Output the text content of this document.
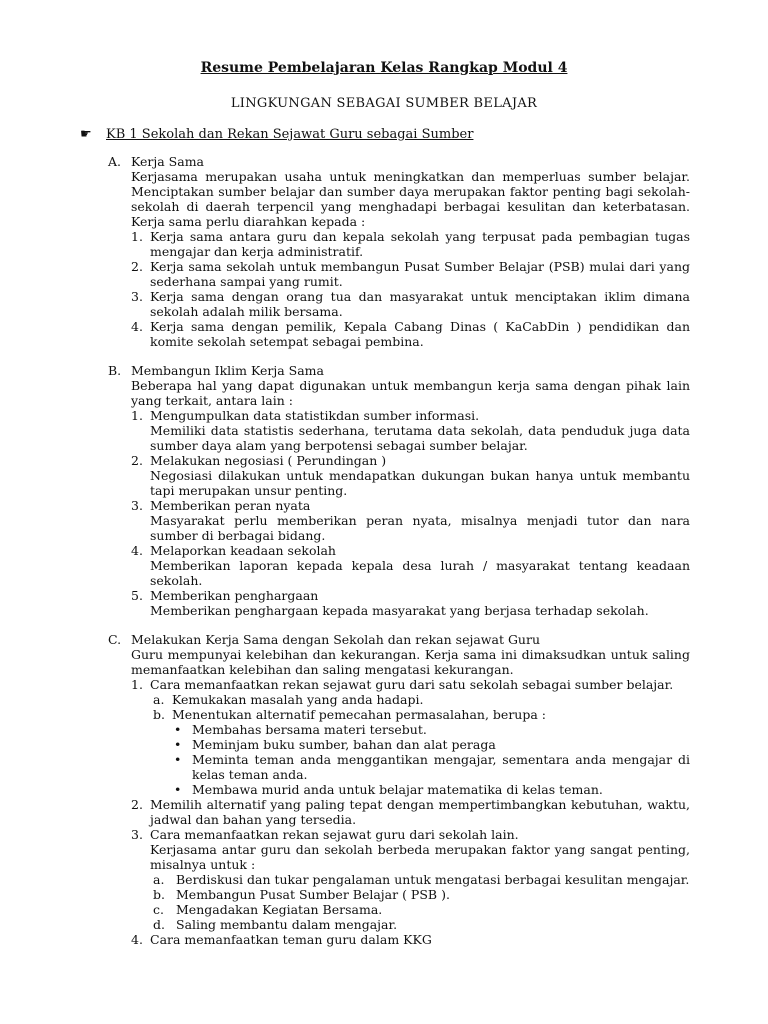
Resume Pembelajaran Kelas Rangkap Modul 4
LINGKUNGAN SEBAGAI SUMBER BELAJAR
☛ KB 1 Sekolah dan Rekan Sejawat Guru sebagai Sumber
A. Kerja Sama
Kerjasama merupakan usaha untuk meningkatkan dan memperluas sumber belajar. Menciptakan sumber belajar dan sumber daya merupakan faktor penting bagi sekolah-sekolah di daerah terpencil yang menghadapi berbagai kesulitan dan keterbatasan. Kerja sama perlu diarahkan kepada :
1. Kerja sama antara guru dan kepala sekolah yang terpusat pada pembagian tugas mengajar dan kerja administratif.
2. Kerja sama sekolah untuk membangun Pusat Sumber Belajar (PSB) mulai dari yang sederhana sampai yang rumit.
3. Kerja sama dengan orang tua dan masyarakat untuk menciptakan iklim dimana sekolah adalah milik bersama.
4. Kerja sama dengan pemilik, Kepala Cabang Dinas ( KaCabDin ) pendidikan dan komite sekolah setempat sebagai pembina.
B. Membangun Iklim Kerja Sama
Beberapa hal yang dapat digunakan untuk membangun kerja sama dengan pihak lain yang terkait, antara lain :
1. Mengumpulkan data statistikdan sumber informasi.
Memiliki data statistis sederhana, terutama data sekolah, data penduduk juga data sumber daya alam yang berpotensi sebagai sumber belajar.
2. Melakukan negosiasi ( Perundingan )
Negosiasi dilakukan untuk mendapatkan dukungan bukan hanya untuk membantu tapi merupakan unsur penting.
3. Memberikan peran nyata
Masyarakat perlu memberikan peran nyata, misalnya menjadi tutor dan nara sumber di berbagai bidang.
4. Melaporkan keadaan sekolah
Memberikan laporan kepada kepala desa lurah / masyarakat tentang keadaan sekolah.
5. Memberikan penghargaan
Memberikan penghargaan kepada masyarakat yang berjasa terhadap sekolah.
C. Melakukan Kerja Sama dengan Sekolah dan rekan sejawat Guru
Guru mempunyai kelebihan dan kekurangan. Kerja sama ini dimaksudkan untuk saling memanfaatkan kelebihan dan saling mengatasi kekurangan.
1. Cara memanfaatkan rekan sejawat guru dari satu sekolah sebagai sumber belajar.
a. Kemukakan masalah yang anda hadapi.
b. Menentukan alternatif pemecahan permasalahan, berupa :
• Membahas bersama materi tersebut.
• Meminjam buku sumber, bahan dan alat peraga
• Meminta teman anda menggantikan mengajar, sementara anda mengajar di kelas teman anda.
• Membawa murid anda untuk belajar matematika di kelas teman.
2. Memilih alternatif yang paling tepat dengan mempertimbangkan kebutuhan, waktu, jadwal dan bahan yang tersedia.
3. Cara memanfaatkan rekan sejawat guru dari sekolah lain.
Kerjasama antar guru dan sekolah berbeda merupakan faktor yang sangat penting, misalnya untuk :
a. Berdiskusi dan tukar pengalaman untuk mengatasi berbagai kesulitan mengajar.
b. Membangun Pusat Sumber Belajar ( PSB ).
c. Mengadakan Kegiatan Bersama.
d. Saling membantu dalam mengajar.
4. Cara memanfaatkan teman guru dalam KKG
